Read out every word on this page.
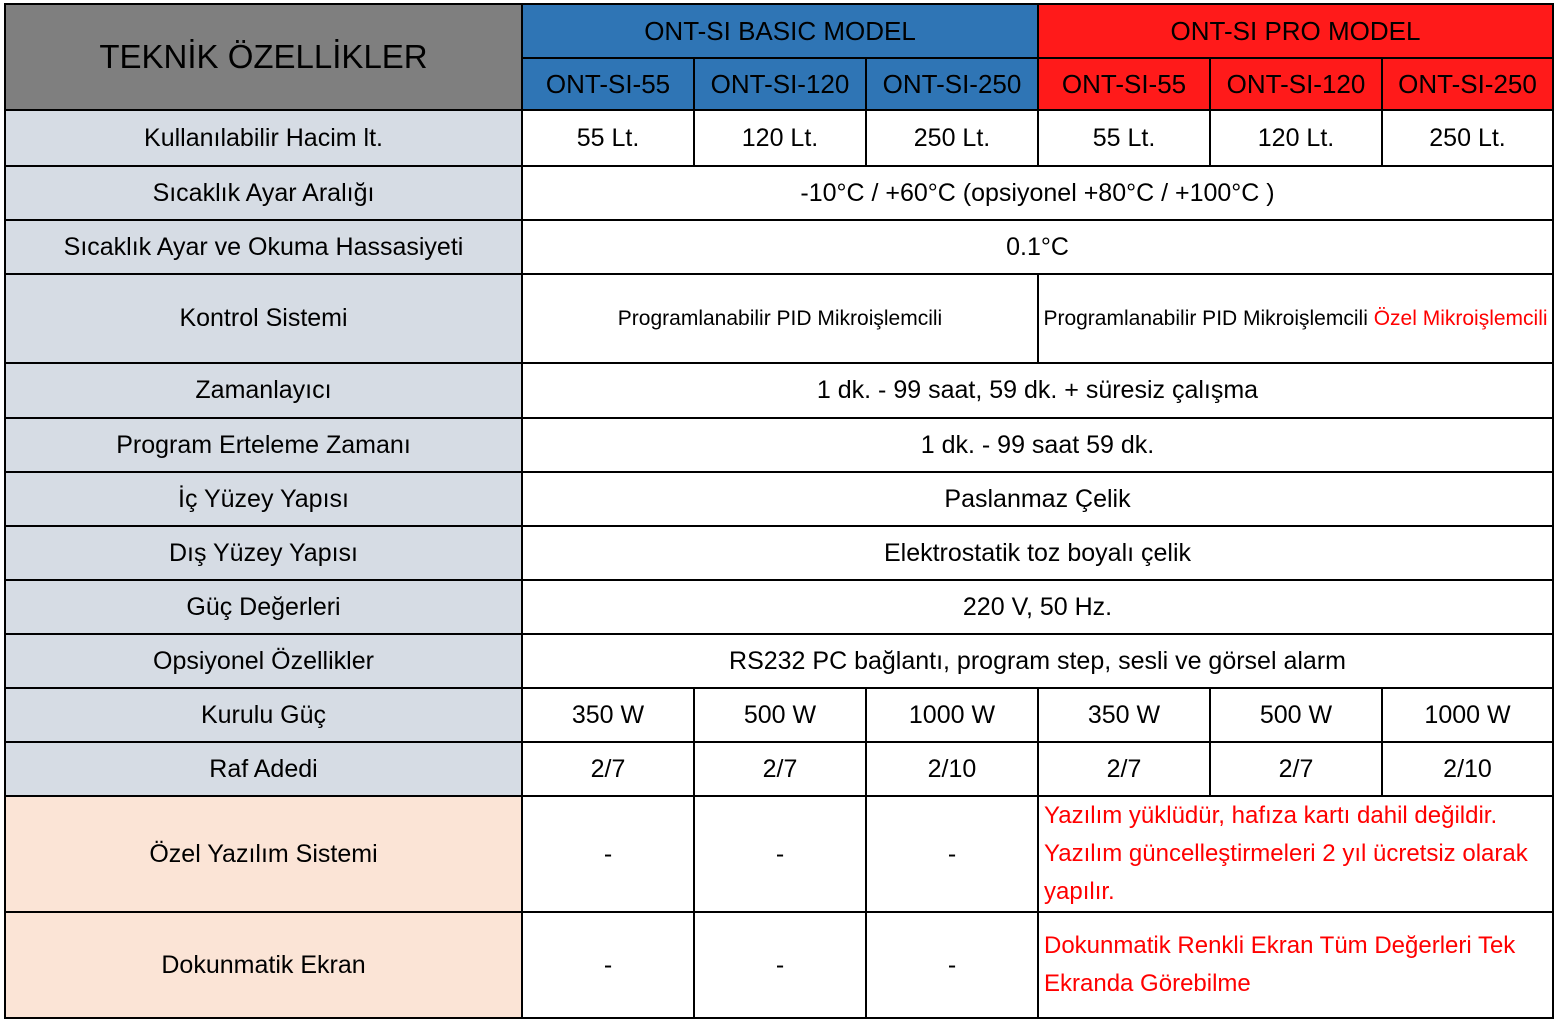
TEKNİK ÖZELLİKLER	ONT-SI BASIC MODEL			ONT-SI PRO MODEL		
	ONT-SI-55	ONT-SI-120	ONT-SI-250	ONT-SI-55	ONT-SI-120	ONT-SI-250
Kullanılabilir Hacim lt.	55 Lt.	120 Lt.	250 Lt.	55 Lt.	120 Lt.	250 Lt.
Sıcaklık Ayar Aralığı	-10°C / +60°C (opsiyonel +80°C / +100°C )					
Sıcaklık Ayar ve Okuma Hassasiyeti	0.1°C					
Kontrol Sistemi	Programlanabilir PID Mikroişlemcili			Programlanabilir PID Mikroişlemcili Özel Mikroişlemcili		
Zamanlayıcı	1 dk. - 99 saat, 59 dk. + süresiz çalışma					
Program Erteleme Zamanı	1 dk. - 99 saat 59 dk.					
İç Yüzey Yapısı	Paslanmaz Çelik					
Dış Yüzey Yapısı	Elektrostatik toz boyalı çelik					
Güç Değerleri	220 V, 50 Hz.					
Opsiyonel Özellikler	RS232 PC bağlantı, program step, sesli ve görsel alarm					
Kurulu Güç	350 W	500 W	1000 W	350 W	500 W	1000 W
Raf Adedi	2/7	2/7	2/10	2/7	2/7	2/10
Özel Yazılım Sistemi	-	-	-	Yazılım yüklüdür, hafıza kartı dahil değildir. Yazılım güncelleştirmeleri 2 yıl ücretsiz olarak yapılır.		
Dokunmatik Ekran	-	-	-	Dokunmatik Renkli Ekran Tüm Değerleri Tek Ekranda Görebilme		
